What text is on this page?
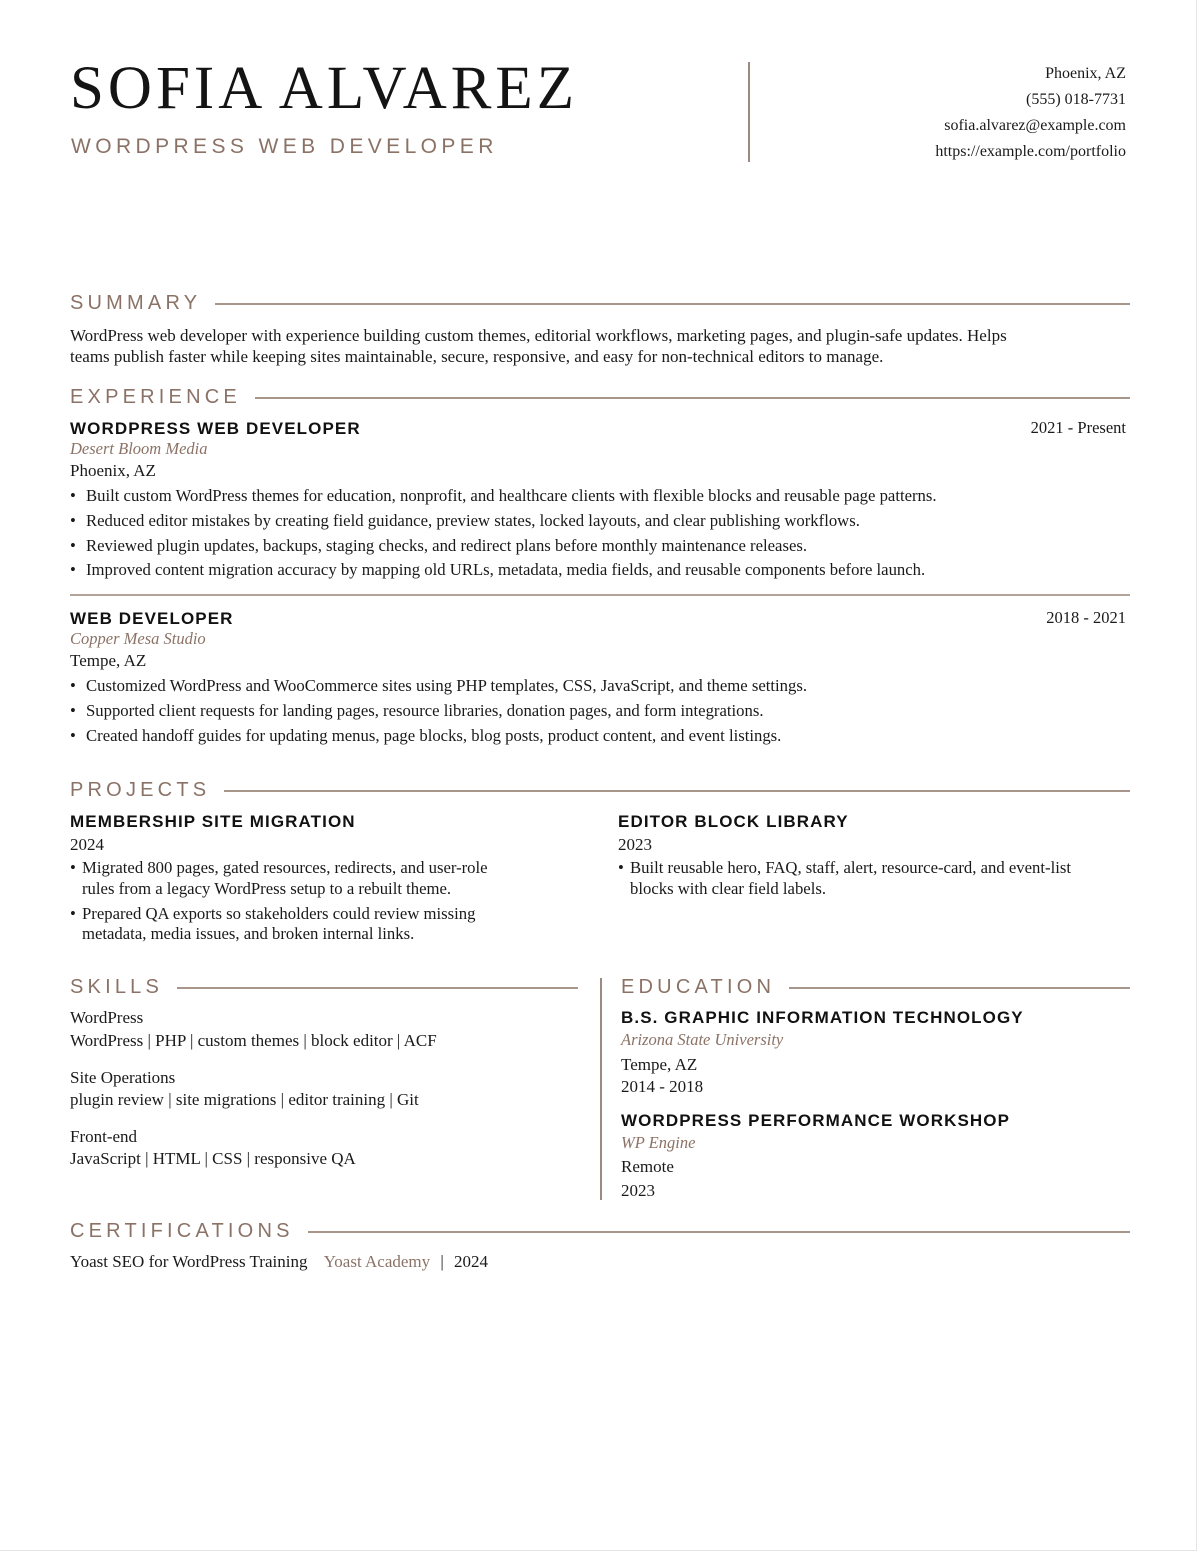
SOFIA ALVAREZ
WORDPRESS WEB DEVELOPER
Phoenix, AZ
(555) 018-7731
sofia.alvarez@example.com
https://example.com/portfolio
SUMMARY
WordPress web developer with experience building custom themes, editorial workflows, marketing pages, and plugin-safe updates. Helps
teams publish faster while keeping sites maintainable, secure, responsive, and easy for non-technical editors to manage.
EXPERIENCE
WORDPRESS WEB DEVELOPER	2021 - Present
Desert Bloom Media
Phoenix, AZ
• Built custom WordPress themes for education, nonprofit, and healthcare clients with flexible blocks and reusable page patterns.
• Reduced editor mistakes by creating field guidance, preview states, locked layouts, and clear publishing workflows.
• Reviewed plugin updates, backups, staging checks, and redirect plans before monthly maintenance releases.
• Improved content migration accuracy by mapping old URLs, metadata, media fields, and reusable components before launch.
WEB DEVELOPER	2018 - 2021
Copper Mesa Studio
Tempe, AZ
• Customized WordPress and WooCommerce sites using PHP templates, CSS, JavaScript, and theme settings.
• Supported client requests for landing pages, resource libraries, donation pages, and form integrations.
• Created handoff guides for updating menus, page blocks, blog posts, product content, and event listings.
PROJECTS
MEMBERSHIP SITE MIGRATION
2024
• Migrated 800 pages, gated resources, redirects, and user-role
rules from a legacy WordPress setup to a rebuilt theme.
• Prepared QA exports so stakeholders could review missing
metadata, media issues, and broken internal links.
EDITOR BLOCK LIBRARY
2023
• Built reusable hero, FAQ, staff, alert, resource-card, and event-list
blocks with clear field labels.
SKILLS
WordPress
WordPress | PHP | custom themes | block editor | ACF
Site Operations
plugin review | site migrations | editor training | Git
Front-end
JavaScript | HTML | CSS | responsive QA
EDUCATION
B.S. GRAPHIC INFORMATION TECHNOLOGY
Arizona State University
Tempe, AZ
2014 - 2018
WORDPRESS PERFORMANCE WORKSHOP
WP Engine
Remote
2023
CERTIFICATIONS
Yoast SEO for WordPress Training Yoast Academy | 2024
